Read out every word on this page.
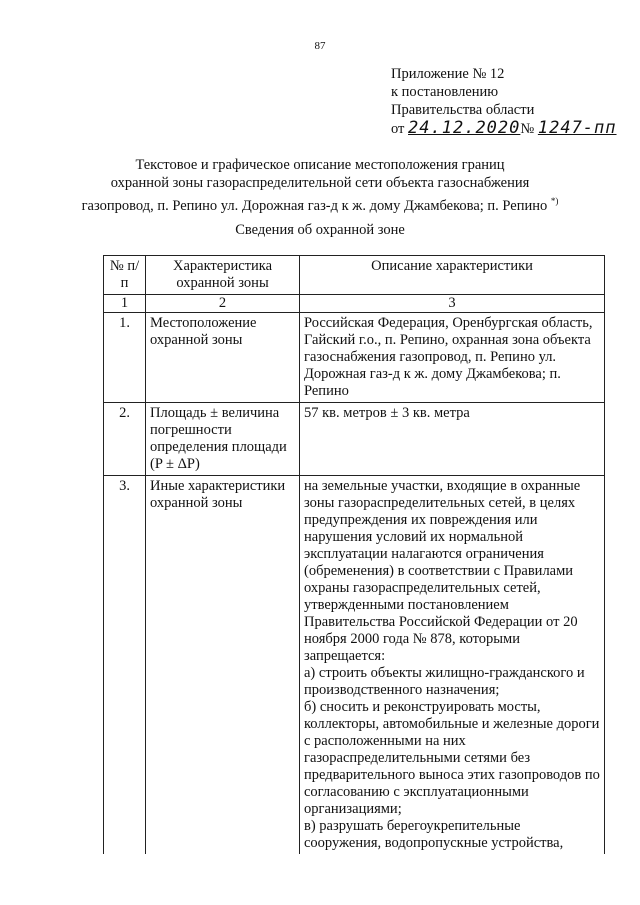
87
Приложение № 12
к постановлению
Правительства области
от 24.12.2020№ 1247-пп
Текстовое и графическое описание местоположения границ
охранной зоны газораспределительной сети объекта газоснабжения
газопровод, п. Репино ул. Дорожная газ-д к ж. дому Джамбекова; п. Репино *)
Сведения об охранной зоне
№ п/п	Характеристика охранной зоны	Описание характеристики
1	2	3
1.	Местоположение охранной зоны	Российская Федерация, Оренбургская область, Гайский г.о., п. Репино, охранная зона объекта газоснабжения газопровод, п. Репино ул. Дорожная газ-д к ж. дому Джамбекова; п. Репино
2.	Площадь ± величина погрешности определения площади (P ± ΔP)	57 кв. метров ± 3 кв. метра
3.	Иные характеристики охранной зоны	на земельные участки, входящие в охранные зоны газораспределительных сетей, в целях предупреждения их повреждения или нарушения условий их нормальной эксплуатации налагаются ограничения (обременения) в соответствии с Правилами охраны газораспределительных сетей, утвержденными постановлением Правительства Российской Федерации от 20 ноября 2000 года № 878, которыми запрещается:
а) строить объекты жилищно-гражданского и производственного назначения;
б) сносить и реконструировать мосты, коллекторы, автомобильные и железные дороги с расположенными на них газораспределительными сетями без предварительного выноса этих газопроводов по согласованию с эксплуатационными организациями;
в) разрушать берегоукрепительные сооружения, водопропускные устройства,
